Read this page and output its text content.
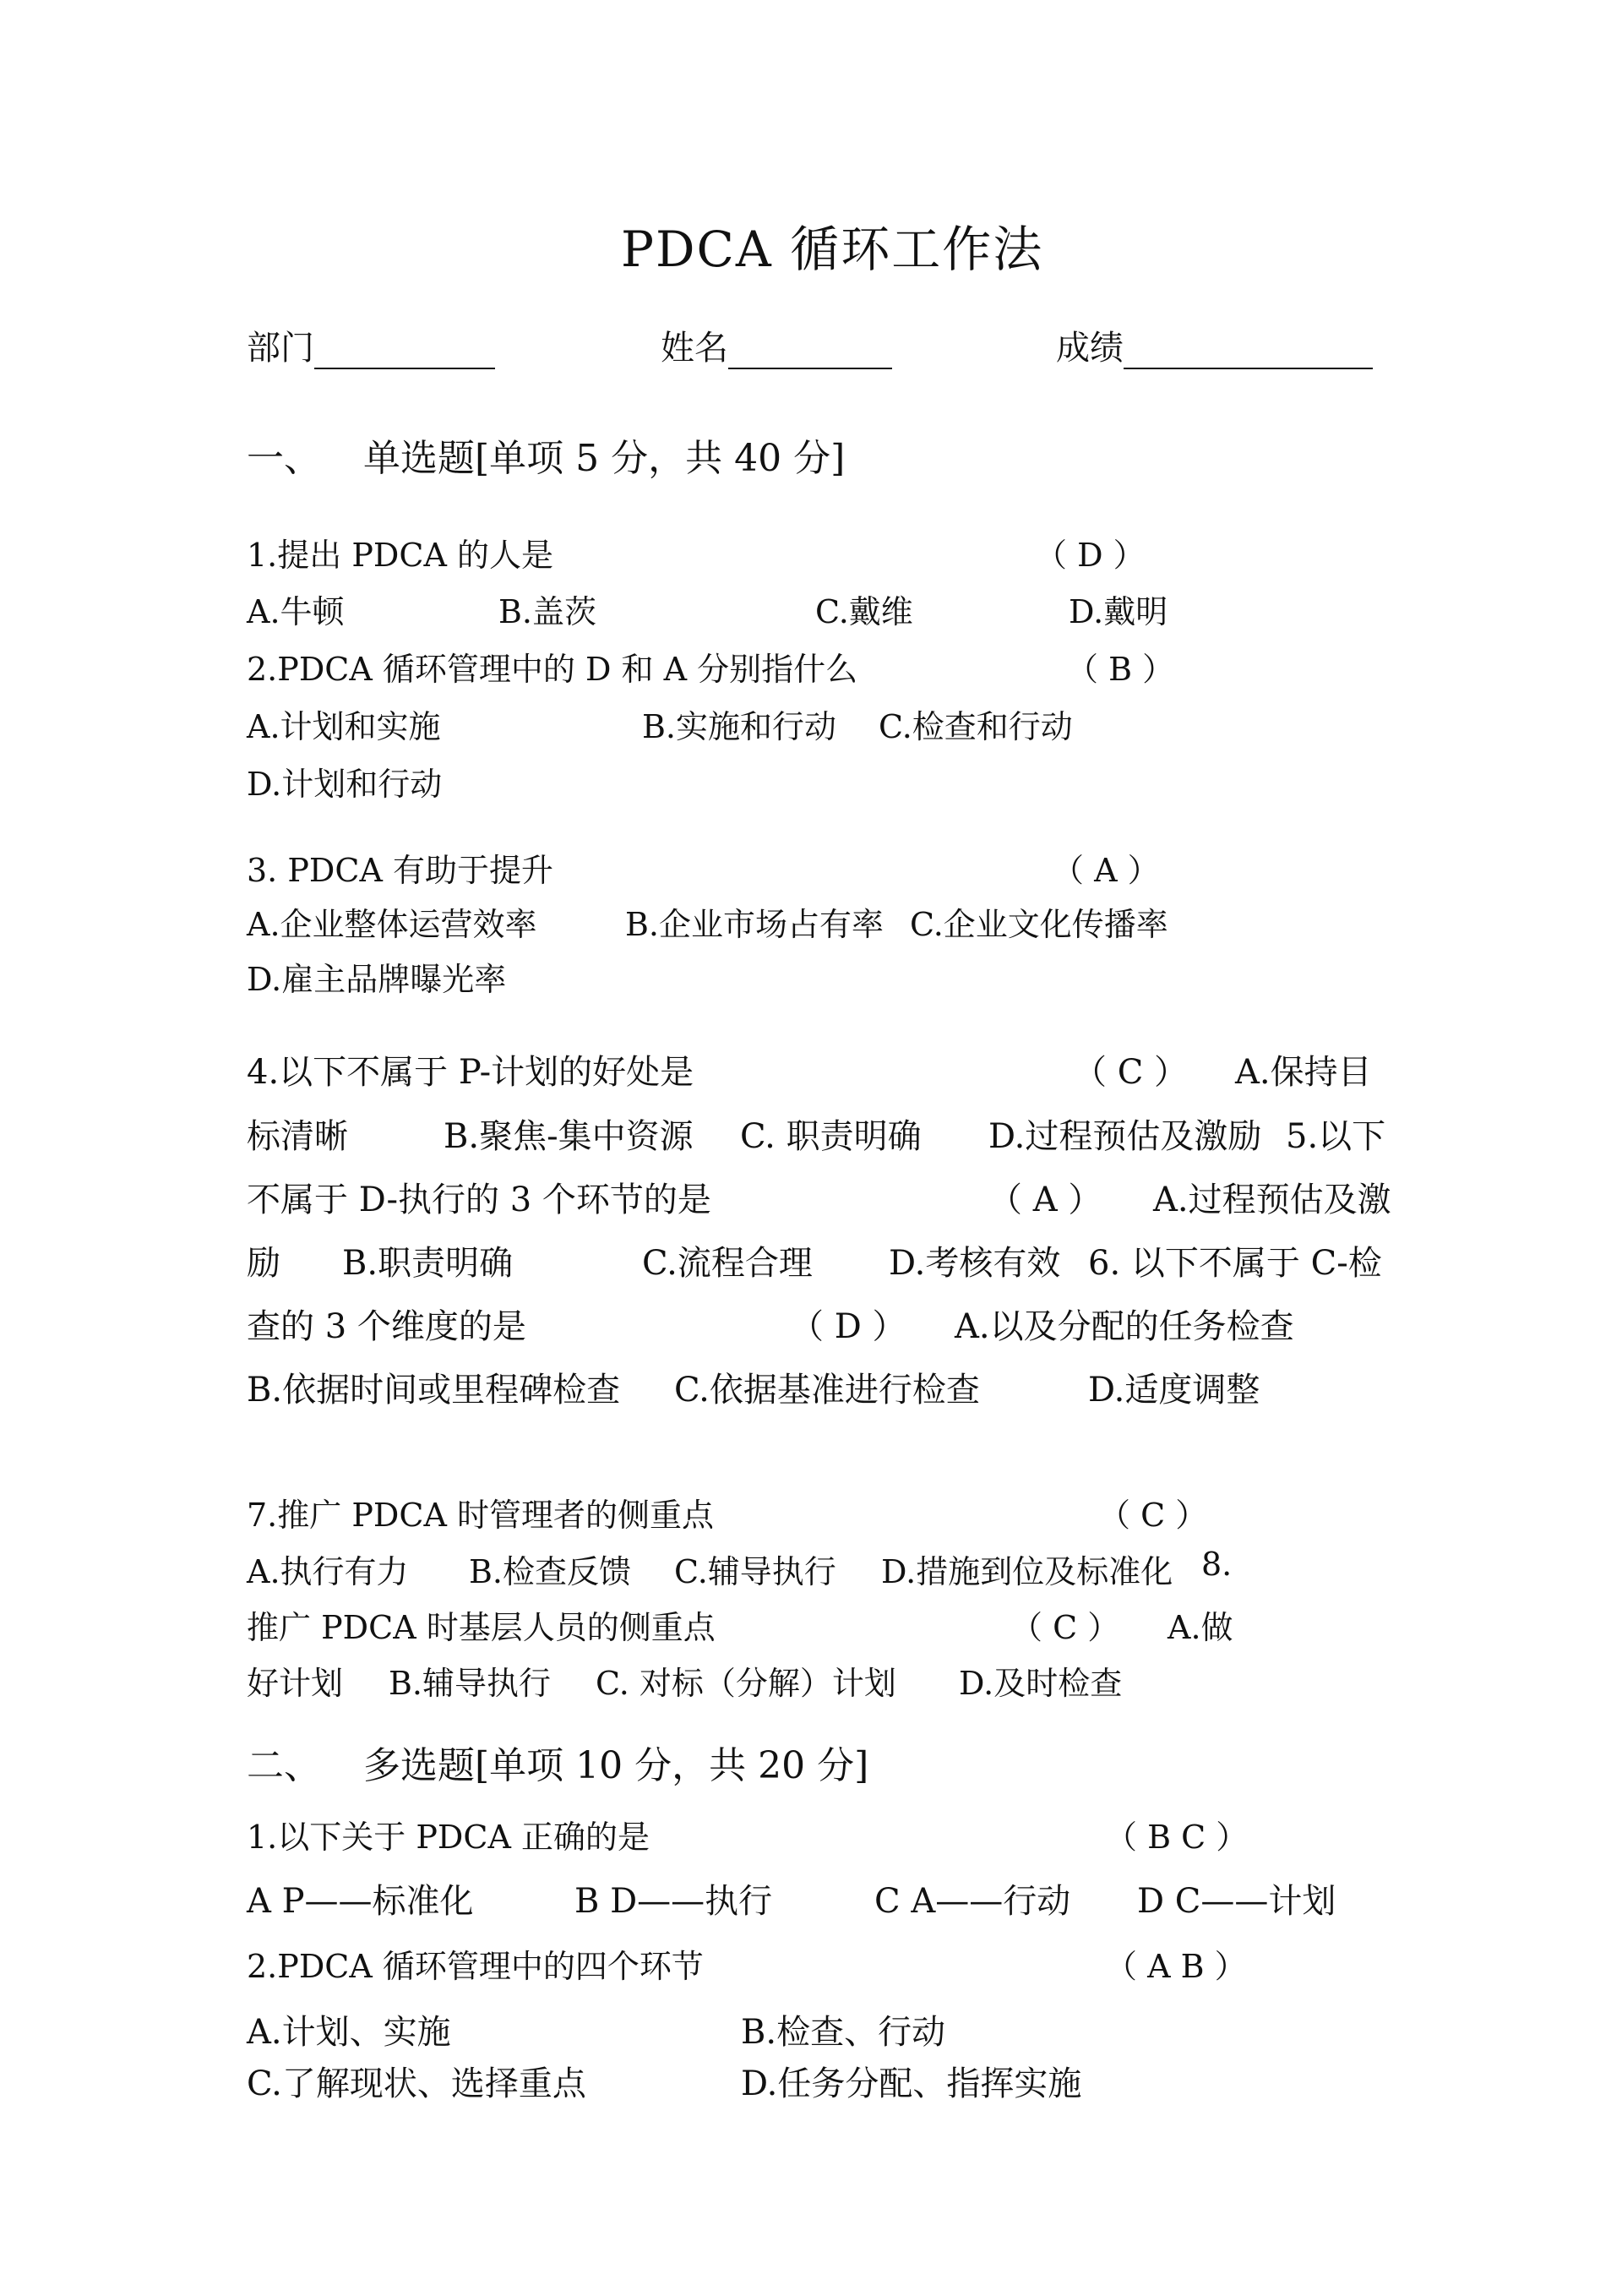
PDCA 循环工作法
部门	姓名	成绩
一、 单选题[单项 5 分，共 40 分]
1.提出 PDCA 的人是	（ D ）
A.牛顿	B.盖茨	C.戴维	D.戴明
2.PDCA 循环管理中的 D 和 A 分别指什么	（ B ）
A.计划和实施	B.实施和行动 C.检查和行动
D.计划和行动
3. PDCA 有助于提升	（ A ）
A.企业整体运营效率	B.企业市场占有率 C.企业文化传播率
D.雇主品牌曝光率
4.以下不属于 P-计划的好处是	（ C ） A.保持目
标清晰	B.聚焦-集中资源 C. 职责明确 D.过程预估及激励 5.以下
不属于 D-执行的 3 个环节的是	（ A ） A.过程预估及激
励 B.职责明确	C.流程合理 D.考核有效 6. 以下不属于 C-检
查的 3 个维度的是	（ D ） A.以及分配的任务检查
B.依据时间或里程碑检查 C.依据基准进行检查	D.适度调整
7.推广 PDCA 时管理者的侧重点	（ C ）
A.执行有力 B.检查反馈 C.辅导执行 D.措施到位及标准化 8.
推广 PDCA 时基层人员的侧重点	（ C ） A.做
好计划 B.辅导执行 C. 对标（分解）计划 D.及时检查
二、 多选题[单项 10 分，共 20 分]
1.以下关于 PDCA 正确的是	（ B C ）
A P——标准化	B D——执行	C A——行动 D C——计划
2.PDCA 循环管理中的四个环节	（ A B ）
A.计划、实施	B.检查、行动
C.了解现状、选择重点	D.任务分配、指挥实施
